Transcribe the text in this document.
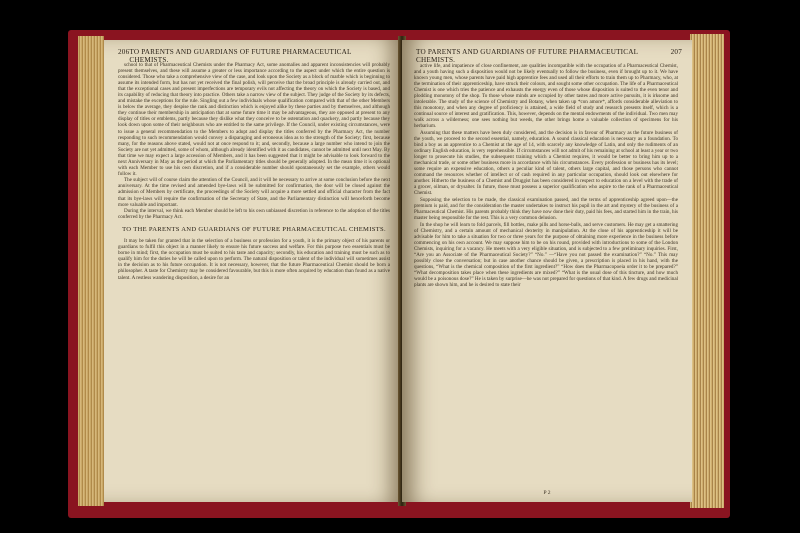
206 TO PARENTS AND GUARDIANS OF FUTURE PHARMACEUTICAL CHEMISTS.

school to that of Pharmaceutical Chemists under the Pharmacy Act, some anomalies and apparent inconsistencies will probably present themselves, and these will assume a greater or less importance according to the aspect under which the entire question is considered. Those who take a comprehensive view of the case, and look upon the Society as a block of marble which is beginning to assume its intended form, but has not yet received the final polish, will perceive that the broad principle is already carried out, and that the exceptional cases and present imperfections are temporary evils not affecting the theory on which the Society is based, and its capability of reducing that theory into practice. Others take a narrow view of the subject. They judge of the Society by its defects, and mistake the exceptions for the rule. Singling out a few individuals whose qualification compared with that of the other Members is below the average, they despise the rank and distinction which is enjoyed alike by these parties and by themselves, and although they continue their membership in anticipation that at some future time it may be advantageous, they are opposed at present to any display of titles or emblems, partly because they dislike what they conceive to be ostentation and quackery, and partly because they look down upon some of their neighbours who are entitled to the same privilege. If the Council, under existing circumstances, were to issue a general recommendation to the Members to adopt and display the titles conferred by the Pharmacy Act, the number responding to such recommendation would convey a disparaging and erroneous idea as to the strength of the Society; first, because many, for the reasons above stated, would not at once respond to it; and, secondly, because a large number who intend to join the Society are not yet admitted, some of whom, although already identified with it as candidates, cannot be admitted until next May. By that time we may expect a large accession of Members, and it has been suggested that it might be advisable to look forward to the next Anniversary in May as the period at which the Parliamentary titles should be generally adopted. In the mean time it is optional with each Member to use his own discretion, and if a considerable number should spontaneously set the example, others would follow it.

The subject will of course claim the attention of the Council, and it will be necessary to arrive at some conclusion before the next anniversary. At the time revised and amended bye-laws will be submitted for confirmation, the door will be closed against the admission of Members by certificate, the proceedings of the Society will acquire a more settled and official character from the fact that its bye-laws will require the confirmation of the Secretary of State, and the Parliamentary distinction will henceforth become more valuable and important.

During the interval, we think each Member should be left to his own unbiassed discretion in reference to the adoption of the titles conferred by the Pharmacy Act.

TO THE PARENTS AND GUARDIANS OF FUTURE PHARMACEUTICAL CHEMISTS.

It may be taken for granted that in the selection of a business or profession for a youth, it is the primary object of his parents or guardians to fulfil this object in a manner likely to ensure his future success and welfare. For this purpose two essentials must be borne in mind; first, the occupation must be suited to his taste and capacity; secondly, his education and training must be such as to qualify him for the duties he will be called upon to perform. The natural disposition or talent of the individual will sometimes assist in the decision as to his future occupation. It is not necessary, however, that the future Pharmaceutical Chemist should be born a philosopher. A taste for Chemistry may be considered favourable, but this is more often acquired by education than found as a native talent. A restless wandering disposition, a desire for an

TO PARENTS AND GUARDIANS OF FUTURE PHARMACEUTICAL CHEMISTS.
207

active life, and impatience of close confinement, are qualities incompatible with the occupation of a Pharmaceutical Chemist, and a youth having such a disposition would not be likely eventually to follow the business, even if brought up to it. We have known young men, whose parents have paid high apprentice fees and used all their efforts to train them up to Pharmacy, who, at the termination of their apprenticeship, have struck their colours, and sought some other occupation. The life of a Pharmaceutical Chemist is one which tries the patience and exhausts the energy even of those whose disposition is suited to the even tenor and plodding monotony of the shop. To those whose minds are occupied by other tastes and more active pursuits, it is irksome and intolerable. The study of the science of Chemistry and Botany, when taken up *con amore*, affords considerable alleviation to this monotony, and when any degree of proficiency is attained, a wide field of study and research presents itself, which is a continual source of interest and gratification. This, however, depends on the mental endowments of the individual. Two men may walk across a wilderness; one sees nothing but weeds, the other brings home a valuable collection of specimens for his herbarium.

Assuming that these matters have been duly considered, and the decision is in favour of Pharmacy as the future business of the youth, we proceed to the second essential, namely, education. A sound classical education is necessary as a foundation. To bind a boy as an apprentice to a Chemist at the age of 14, with scarcely any knowledge of Latin, and only the rudiments of an ordinary English education, is very reprehensible. If circumstances will not admit of his remaining at school at least a year or two longer to prosecute his studies, the subsequent training which a Chemist requires, it would be better to bring him up to a mechanical trade, or some other business more in accordance with his circumstances. Every profession or business has its level; some require an expensive education, others a peculiar kind of talent, others large capital, and those persons who cannot command the resources whether of intellect or of cash required in any particular occupation, should look out elsewhere for another. Hitherto the business of a Chemist and Druggist has been considered in respect to education on a level with the trade of a grocer, oilman, or drysalter. In future, those must possess a superior qualification who aspire to the rank of a Pharmaceutical Chemist.

Supposing the selection to be made, the classical examination passed, and the terms of apprenticeship agreed upon—the premium is paid, and for the consideration the master undertakes to instruct his pupil in the art and mystery of the business of a Pharmaceutical Chemist. His parents probably think they have now done their duty, paid his fees, and started him in the train, his master being responsible for the rest. This is a very common delusion.

In the shop he will learn to fold parcels, fill bottles, make pills and horse-balls, and serve customers. He may get a smattering of Chemistry, and a certain amount of mechanical dexterity in manipulation. At the close of his apprenticeship it will be advisable for him to take a situation for two or three years for the purpose of obtaining more experience in the business before commencing on his own account. We may suppose him to be on his round, provided with introductions to some of the London Chemists, inquiring for a vacancy. He meets with a very eligible situation, and is subjected to a few preliminary inquiries. First, “Are you an Associate of the Pharmaceutical Society?” “No.” —“Have you not passed the examination?” “No.” This may possibly close the conversation; but in case another chance should be given, a prescription is placed in his hand, with the questions, “What is the chemical composition of the first ingredient?” “How does the Pharmacopoeia order it to be prepared?” “What decomposition takes place when these ingredients are mixed?” “What is the usual dose of this tincture, and how much would be a poisonous dose?” He is taken by surprise—he was not prepared for questions of that kind. A few drugs and medicinal plants are shown him, and he is desired to state their

P 2
